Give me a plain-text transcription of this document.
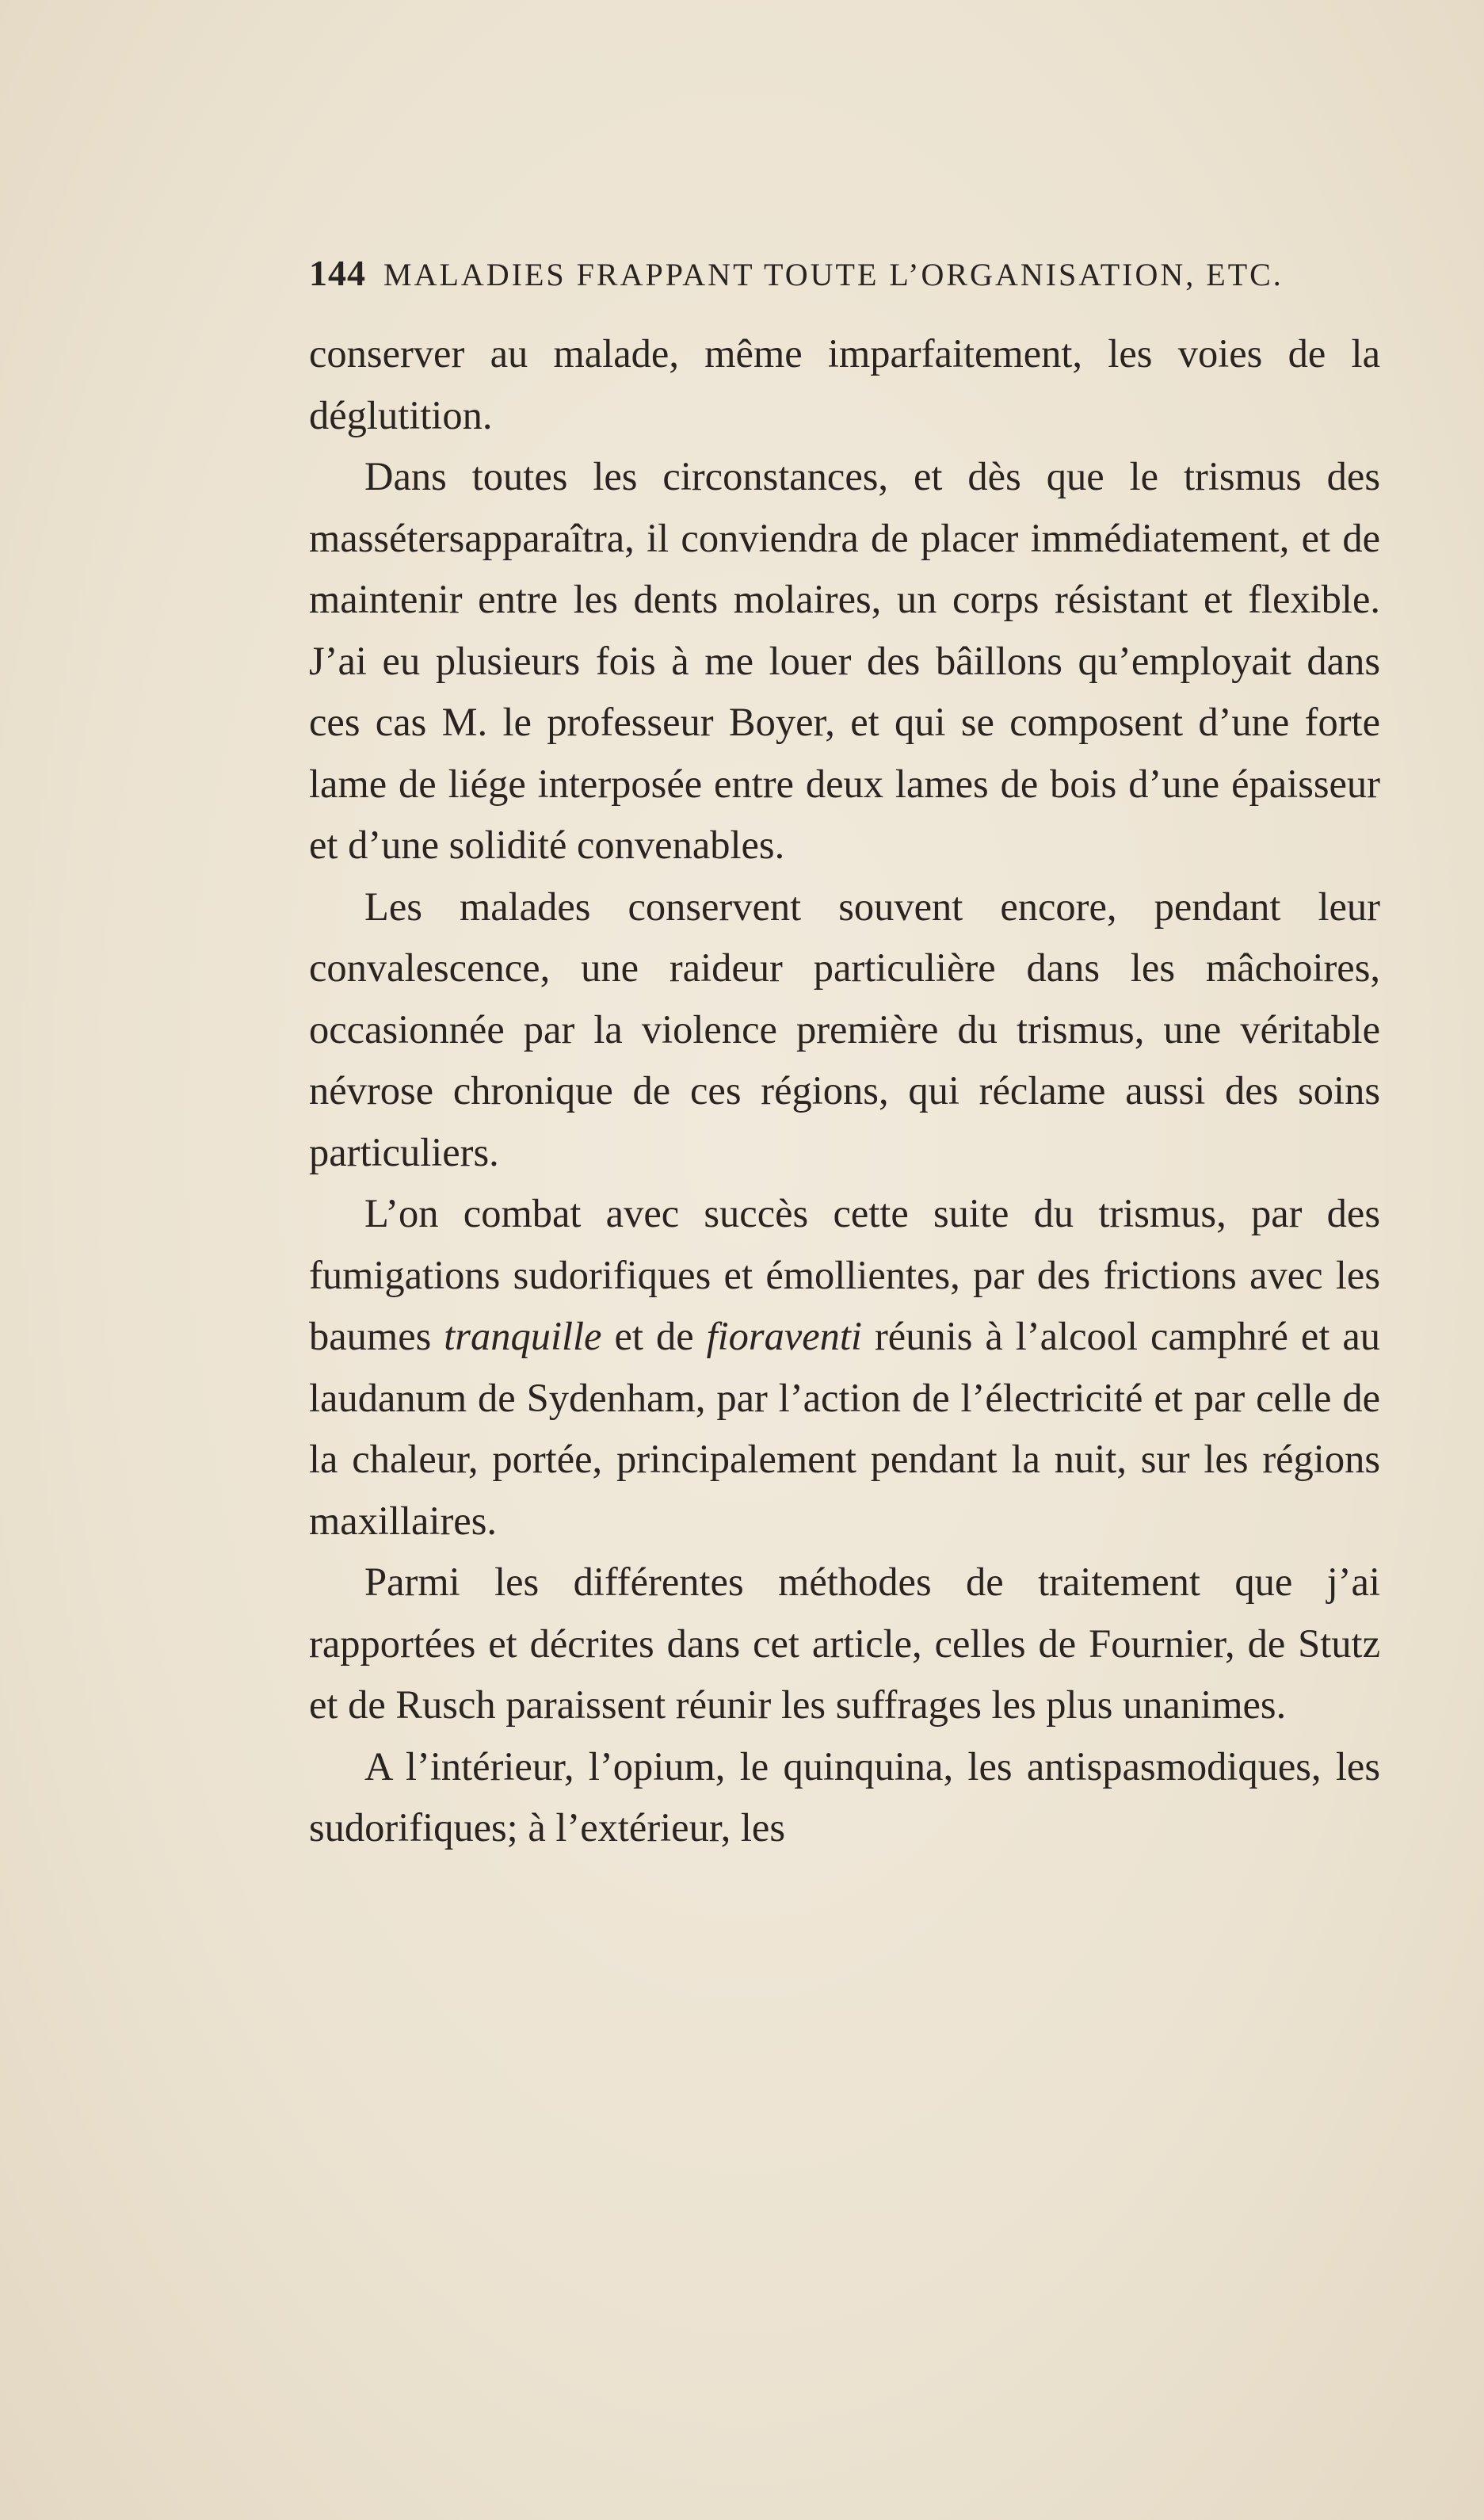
144 MALADIES FRAPPANT TOUTE L’ORGANISATION, ETC.

conserver au malade, même imparfaitement, les voies de la déglutition.

Dans toutes les circonstances, et dès que le trismus des massétersapparaîtra, il conviendra de placer immédiatement, et de maintenir entre les dents molaires, un corps résistant et flexible. J’ai eu plusieurs fois à me louer des bâillons qu’employait dans ces cas M. le professeur Boyer, et qui se composent d’une forte lame de liége interposée entre deux lames de bois d’une épaisseur et d’une solidité convenables.

Les malades conservent souvent encore, pendant leur convalescence, une raideur particulière dans les mâchoires, occasionnée par la violence première du trismus, une véritable névrose chronique de ces régions, qui réclame aussi des soins particuliers.

L’on combat avec succès cette suite du trismus, par des fumigations sudorifiques et émollientes, par des frictions avec les baumes tranquille et de fioraventi réunis à l’alcool camphré et au laudanum de Sydenham, par l’action de l’électricité et par celle de la chaleur, portée, principalement pendant la nuit, sur les régions maxillaires.

Parmi les différentes méthodes de traitement que j’ai rapportées et décrites dans cet article, celles de Fournier, de Stutz et de Rusch paraissent réunir les suffrages les plus unanimes.

A l’intérieur, l’opium, le quinquina, les antispasmodiques, les sudorifiques; à l’extérieur, les
